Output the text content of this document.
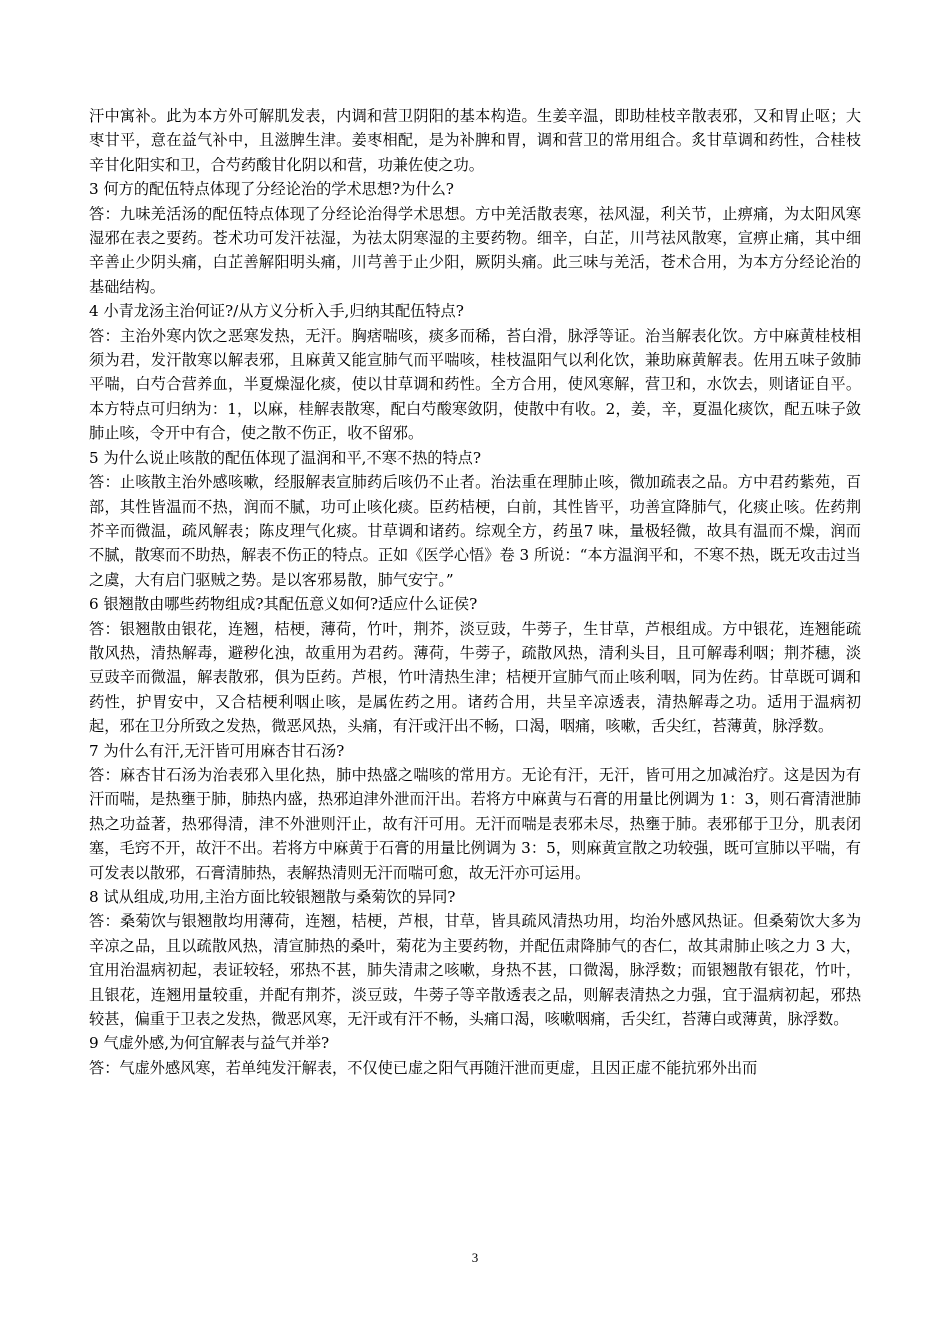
汗中寓补。此为本方外可解肌发表，内调和营卫阴阳的基本构造。生姜辛温，即助桂枝辛散表邪，又和胃止呕；大枣甘平，意在益气补中，且滋脾生津。姜枣相配，是为补脾和胃，调和营卫的常用组合。炙甘草调和药性，合桂枝辛甘化阳实和卫，合芍药酸甘化阴以和营，功兼佐使之功。

3 何方的配伍特点体现了分经论治的学术思想?为什么?

答：九味羌活汤的配伍特点体现了分经论治得学术思想。方中羌活散表寒，祛风湿，利关节，止痹痛，为太阳风寒湿邪在表之要药。苍术功可发汗祛湿，为祛太阴寒湿的主要药物。细辛，白芷，川芎祛风散寒，宣痹止痛，其中细辛善止少阴头痛，白芷善解阳明头痛，川芎善于止少阳，厥阴头痛。此三味与羌活，苍术合用，为本方分经论治的基础结构。

4 小青龙汤主治何证?/从方义分析入手,归纳其配伍特点?

答：主治外寒内饮之恶寒发热，无汗。胸痞喘咳，痰多而稀，苔白滑，脉浮等证。治当解表化饮。方中麻黄桂枝相须为君，发汗散寒以解表邪，且麻黄又能宣肺气而平喘咳，桂枝温阳气以利化饮，兼助麻黄解表。佐用五味子敛肺平喘，白芍合营养血，半夏燥湿化痰，使以甘草调和药性。全方合用，使风寒解，营卫和，水饮去，则诸证自平。本方特点可归纳为：1，以麻，桂解表散寒，配白芍酸寒敛阴，使散中有收。2，姜，辛，夏温化痰饮，配五味子敛肺止咳，令开中有合，使之散不伤正，收不留邪。

5 为什么说止咳散的配伍体现了温润和平,不寒不热的特点?

答：止咳散主治外感咳嗽，经服解表宣肺药后咳仍不止者。治法重在理肺止咳，微加疏表之品。方中君药紫苑，百部，其性皆温而不热，润而不腻，功可止咳化痰。臣药桔梗，白前，其性皆平，功善宣降肺气，化痰止咳。佐药荆芥辛而微温，疏风解表；陈皮理气化痰。甘草调和诸药。综观全方，药虽7 味，量极轻微，故具有温而不燥，润而不腻，散寒而不助热，解表不伤正的特点。正如《医学心悟》卷 3 所说：“本方温润平和，不寒不热，既无攻击过当之虞，大有启门驱贼之势。是以客邪易散，肺气安宁。”

6 银翘散由哪些药物组成?其配伍意义如何?适应什么证侯?

答：银翘散由银花，连翘，桔梗，薄荷，竹叶，荆芥，淡豆豉，牛蒡子，生甘草，芦根组成。方中银花，连翘能疏散风热，清热解毒，避秽化浊，故重用为君药。薄荷，牛蒡子，疏散风热，清利头目，且可解毒利咽；荆芥穗，淡豆豉辛而微温，解表散邪，俱为臣药。芦根，竹叶清热生津；桔梗开宣肺气而止咳利咽，同为佐药。甘草既可调和药性，护胃安中，又合桔梗利咽止咳，是属佐药之用。诸药合用，共呈辛凉透表，清热解毒之功。适用于温病初起，邪在卫分所致之发热，微恶风热，头痛，有汗或汗出不畅，口渴，咽痛，咳嗽，舌尖红，苔薄黄，脉浮数。

7 为什么有汗,无汗皆可用麻杏甘石汤?

答：麻杏甘石汤为治表邪入里化热，肺中热盛之喘咳的常用方。无论有汗，无汗，皆可用之加减治疗。这是因为有汗而喘，是热壅于肺，肺热内盛，热邪迫津外泄而汗出。若将方中麻黄与石膏的用量比例调为 1：3，则石膏清泄肺热之功益著，热邪得清，津不外泄则汗止，故有汗可用。无汗而喘是表邪未尽，热壅于肺。表邪郁于卫分，肌表闭塞，毛窍不开，故汗不出。若将方中麻黄于石膏的用量比例调为 3：5，则麻黄宣散之功较强，既可宣肺以平喘，有可发表以散邪，石膏清肺热，表解热清则无汗而喘可愈，故无汗亦可运用。

8 试从组成,功用,主治方面比较银翘散与桑菊饮的异同?

答：桑菊饮与银翘散均用薄荷，连翘，桔梗，芦根，甘草，皆具疏风清热功用，均治外感风热证。但桑菊饮大多为辛凉之品，且以疏散风热，清宣肺热的桑叶，菊花为主要药物，并配伍肃降肺气的杏仁，故其肃肺止咳之力 3 大，宜用治温病初起，表证较轻，邪热不甚，肺失清肃之咳嗽，身热不甚，口微渴，脉浮数；而银翘散有银花，竹叶，且银花，连翘用量较重，并配有荆芥，淡豆豉，牛蒡子等辛散透表之品，则解表清热之力强，宜于温病初起，邪热较甚，偏重于卫表之发热，微恶风寒，无汗或有汗不畅，头痛口渴，咳嗽咽痛，舌尖红，苔薄白或薄黄，脉浮数。

9 气虚外感,为何宜解表与益气并举?

答：气虚外感风寒，若单纯发汗解表，不仅使已虚之阳气再随汗泄而更虚，且因正虚不能抗邪外出而

3
